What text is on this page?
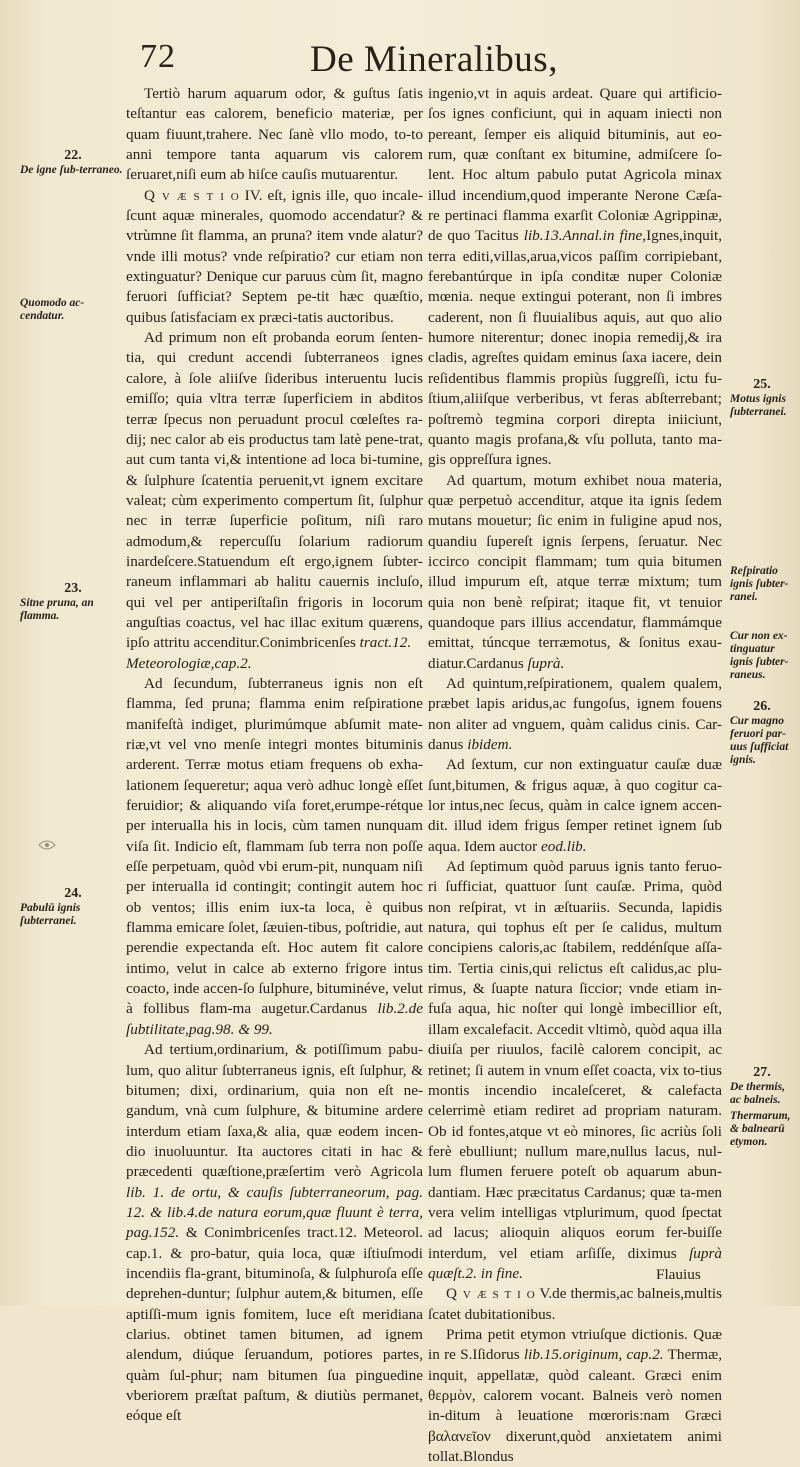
72	De Mineralibus,

Tertiò harum aquarum odor, & guſtus ſatis teſtantur eas calorem, beneficio materiæ, per quam fiuunt,trahere. Nec ſanè vllo modo, to-to anni tempore tanta aquarum vis calorem ſeruaret,niſi eum ab hiſce cauſis mutuarentur.

Q v æ s t i o IV. eſt, ignis ille, quo incale-ſcunt aquæ minerales, quomodo accendatur? & vtrùmne ſit flamma, an pruna? item vnde alatur? vnde illi motus? vnde reſpiratio? cur etiam non extinguatur? Denique cur paruus cùm ſit, magno feruori ſufficiat? Septem pe-tit hæc quæſtio, quibus ſatisfaciam ex præci-tatis auctoribus.

Ad primum non eſt probanda eorum ſenten-tia, qui credunt accendi ſubterraneos ignes calore, à ſole aliiſve ſideribus interuentu lucis emiſſo; quia vltra terræ ſuperficiem in abditos terræ ſpecus non peruadunt procul cœleſtes ra-dij; nec calor ab eis productus tam latè pene-trat, aut cum tanta vi,& intentione ad loca bi-tumine, & ſulphure ſcatentia peruenit,vt ignem excitare valeat; cùm experimento compertum ſit, ſulphur nec in terræ ſuperficie poſitum, niſi raro admodum,& repercuſſu ſolarium radiorum inardeſcere.Statuendum eſt ergo,ignem ſubter-raneum inflammari ab halitu cauernis incluſo, qui vel per antiperiſtaſin frigoris in locorum anguſtias coactus, vel hac illac exitum quærens, ipſo attritu accenditur.Conimbricenſes tract.12.

Meteorologiæ,cap.2.

Ad ſecundum, ſubterraneus ignis non eſt flamma, ſed pruna; flamma enim reſpiratione manifeſtà indiget, plurimúmque abſumit mate-riæ,vt vel vno menſe integri montes bituminis arderent. Terræ motus etiam frequens ob exha-lationem ſequeretur; aqua verò adhuc longè eſſet feruidior; & aliquando viſa foret,erumpe-rétque per interualla his in locis, cùm tamen nunquam viſa ſit. Indicio eſt, flammam ſub terra non poſſe eſſe perpetuam, quòd vbi erum-pit, nunquam niſi per interualla id contingit; contingit autem hoc ob ventos; illis enim iux-ta loca, è quibus flamma emicare ſolet, ſæuien-tibus, poſtridie, aut perendie expectanda eſt. Hoc autem fit calore intimo, velut in calce ab externo frigore intus coacto, inde accen-ſo ſulphure, bituminéve, velut à follibus flam-ma augetur.Cardanus lib.2.de ſubtilitate,pag.98. & 99.

Ad tertium,ordinarium, & potiſſimum pabu-lum, quo alitur ſubterraneus ignis, eſt ſulphur, & bitumen; dixi, ordinarium, quia non eſt ne-gandum, vnà cum ſulphure, & bitumine ardere interdum etiam ſaxa,& alia, quæ eodem incen-dio inuoluuntur. Ita auctores citati in hac & præcedenti quæſtione,præſertim verò Agricola lib. 1. de ortu, & cauſis ſubterraneorum, pag. 12. & lib.4.de natura eorum,quæ fluunt è terra, pag.152. & Conimbricenſes tract.12. Meteorol. cap.1. & pro-batur, quia loca, quæ iſtiuſmodi incendiis fla-grant, bituminoſa, & ſulphuroſa eſſe deprehen-duntur; ſulphur autem,& bitumen, eſſe aptiſſi-mum ignis fomitem, luce eſt meridiana clarius. obtinet tamen bitumen, ad ignem alendum, diúque ſeruandum, potiores partes, quàm ſul-phur; nam bitumen ſua pinguedine vberiorem præſtat paſtum, & diutiùs permanet, eóque eſt

ingenio,vt in aquis ardeat. Quare qui artificio-ſos ignes conficiunt, qui in aquam iniecti non pereant, ſemper eis aliquid bituminis, aut eo-rum, quæ conſtant ex bitumine, admiſcere ſo-lent. Hoc altum pabulo putat Agricola minax illud incendium,quod imperante Nerone Cæſa-re pertinaci flamma exarſit Coloniæ Agrippinæ, de quo Tacitus lib.13.Annal.in fine,Ignes,inquit, terra editi,villas,arua,vicos paſſim corripiebant, ferebantúrque in ipſa conditæ nuper Coloniæ mœnia. neque extingui poterant, non ſi imbres caderent, non ſi fluuialibus aquis, aut quo alio humore niterentur; donec inopia remedij,& ira cladis, agreſtes quidam eminus ſaxa iacere, dein reſidentibus flammis propiùs ſuggreſſi, ictu fu-ſtium,aliiſque verberibus, vt feras abſterrebant; poſtremò tegmina corpori direpta iniiciunt, quanto magis profana,& vſu polluta, tanto ma-gis oppreſſura ignes.

Ad quartum, motum exhibet noua materia, quæ perpetuò accenditur, atque ita ignis ſedem mutans mouetur; ſic enim in fuligine apud nos, quandiu ſupereſt ignis ſerpens, ſeruatur. Nec iccirco concipit flammam; tum quia bitumen illud impurum eſt, atque terræ mixtum; tum quia non benè reſpirat; itaque fit, vt tenuior quandoque pars illius accendatur, flammámque emittat, túncque terræmotus, & ſonitus exau-diatur.Cardanus ſuprà.

Ad quintum,reſpirationem, qualem qualem, præbet lapis aridus,ac fungoſus, ignem fouens non aliter ad vnguem, quàm calidus cinis. Car-danus ibidem.

Ad ſextum, cur non extinguatur cauſæ duæ ſunt,bitumen, & frigus aquæ, à quo cogitur ca-lor intus,nec ſecus, quàm in calce ignem accen-dit. illud idem frigus ſemper retinet ignem ſub aqua. Idem auctor eod.lib.

Ad ſeptimum quòd paruus ignis tanto feruo-ri ſufficiat, quattuor ſunt cauſæ. Prima, quòd non reſpirat, vt in æſtuariis. Secunda, lapidis natura, qui tophus eſt per ſe calidus, multum concipiens caloris,ac ſtabilem, reddénſque aſſa-tim. Tertia cinis,qui relictus eſt calidus,ac plu-rimus, & ſuapte natura ſiccior; vnde etiam in-fuſa aqua, hic noſter qui longè imbecillior eſt, illam excalefacit. Accedit vltimò, quòd aqua illa diuiſa per riuulos, facilè calorem concipit, ac retinet; ſi autem in vnum eſſet coacta, vix to-tius montis incendio incaleſceret, & calefacta celerrimè etiam rediret ad propriam naturam. Ob id fontes,atque vt eò minores, ſic acriùs ſoli ferè ebulliunt; nullum mare,nullus lacus, nul-lum flumen feruere poteſt ob aquarum abun-dantiam. Hæc præcitatus Cardanus; quæ ta-men vera velim intelligas vtplurimum, quod ſpectat ad lacus; alioquin aliquos eorum fer-buiſſe interdum, vel etiam arſiſſe, diximus ſuprà quæſt.2. in fine.

Q v æ s t i o V.de thermis,ac balneis,multis ſcatet dubitationibus.

Prima petit etymon vtriuſque dictionis. Quæ in re S.Iſidorus lib.15.originum, cap.2. Thermæ, inquit, appellatæ, quòd caleant. Græci enim θερμὸν, calorem vocant. Balneis verò nomen in-ditum à leuatione mœroris:nam Græci βαλανεῖον dixerunt,quòd anxietatem animi tollat.Blondus

22.
De igne ſub-terraneo.
Quomodo ac-cendatur.
23.
Sitne pruna, an flamma.
24.
Pabulū ignis ſubterranei.
25.
Motus ignis ſubterranei.
Reſpiratio ignis ſubter-ranei.
Cur non ex-tinguatur ignis ſubter-raneus.
26.
Cur magno feruori par-uus ſufficiat ignis.
27.
De thermis, ac balneis.
Thermarum, & balnearū etymon.
Flauius
